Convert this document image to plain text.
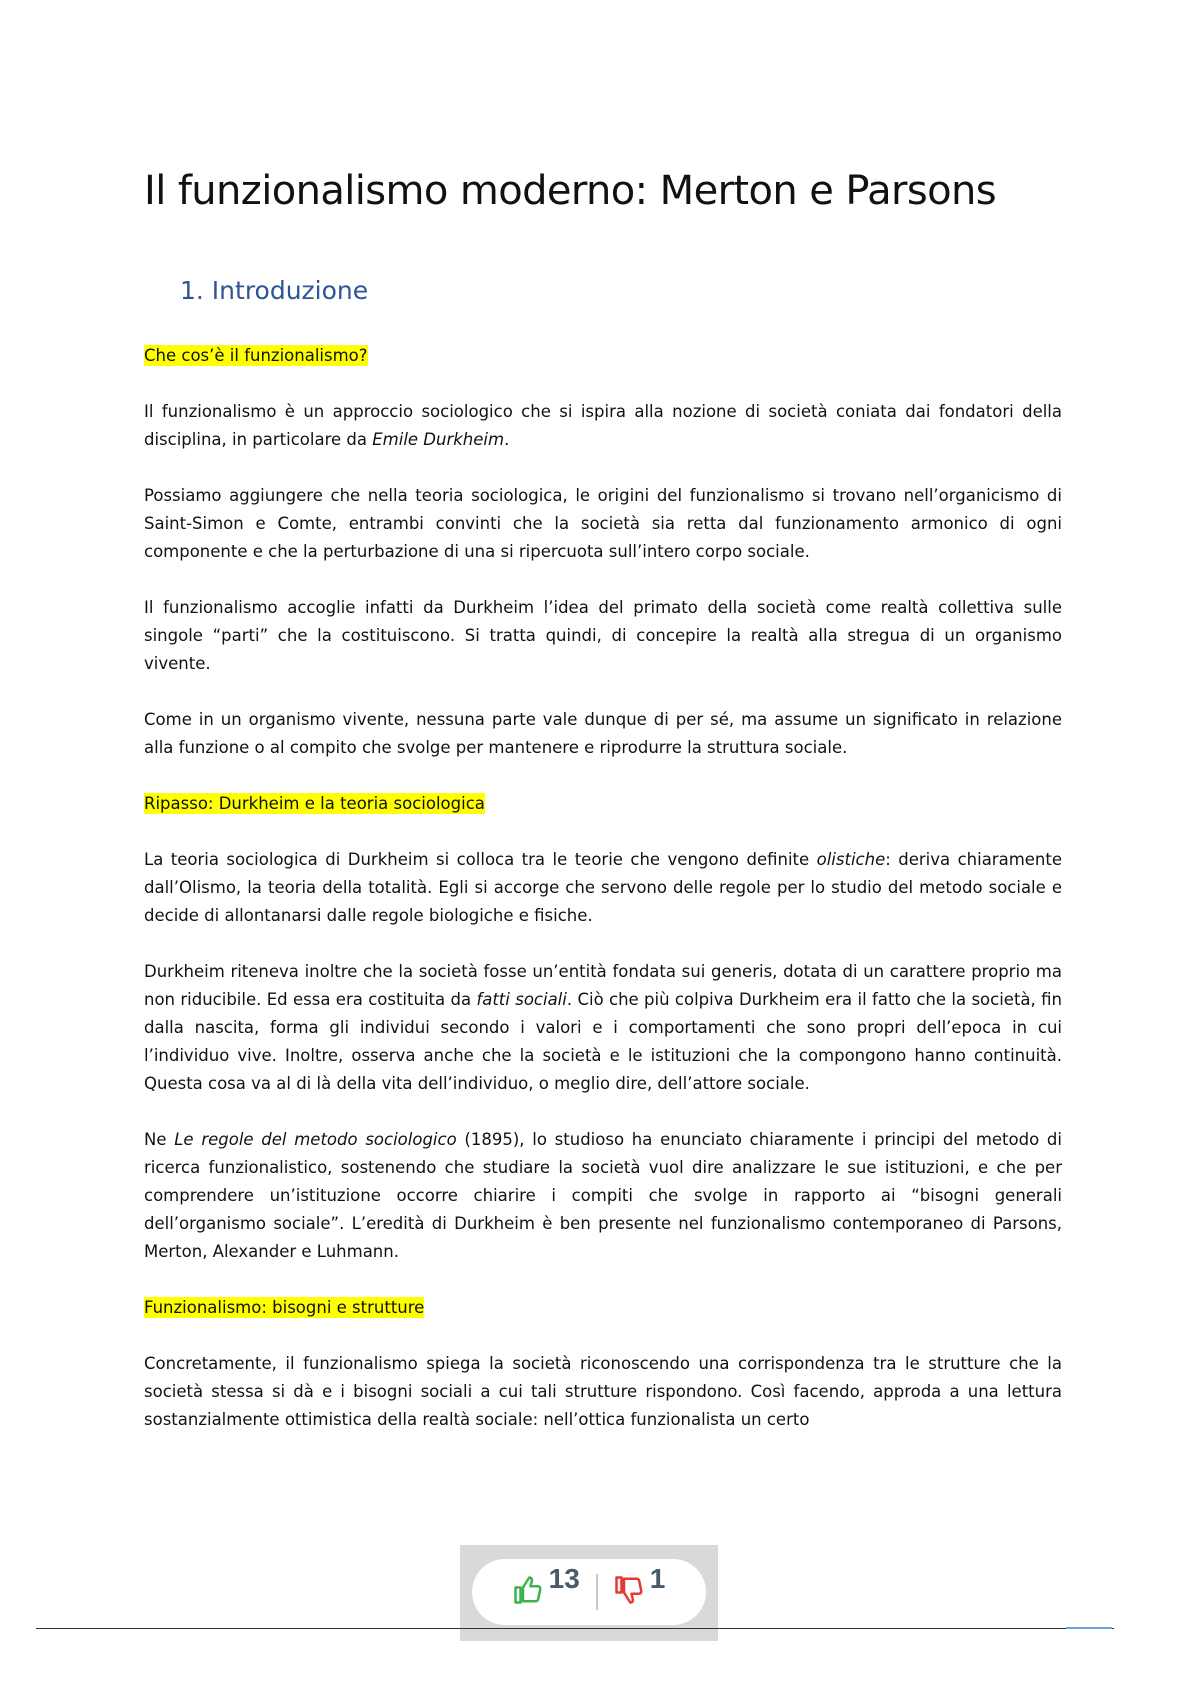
Il funzionalismo moderno: Merton e Parsons
1. Introduzione

Che cos’è il funzionalismo?

Il funzionalismo è un approccio sociologico che si ispira alla nozione di società coniata dai fondatori della disciplina, in particolare da Emile Durkheim.

Possiamo aggiungere che nella teoria sociologica, le origini del funzionalismo si trovano nell’organicismo di Saint-Simon e Comte, entrambi convinti che la società sia retta dal funzionamento armonico di ogni componente e che la perturbazione di una si ripercuota sull’intero corpo sociale.

Il funzionalismo accoglie infatti da Durkheim l’idea del primato della società come realtà collettiva sulle singole “parti” che la costituiscono. Si tratta quindi, di concepire la realtà alla stregua di un organismo vivente.

Come in un organismo vivente, nessuna parte vale dunque di per sé, ma assume un significato in relazione alla funzione o al compito che svolge per mantenere e riprodurre la struttura sociale.

Ripasso: Durkheim e la teoria sociologica

La teoria sociologica di Durkheim si colloca tra le teorie che vengono definite olistiche: deriva chiaramente dall’Olismo, la teoria della totalità. Egli si accorge che servono delle regole per lo studio del metodo sociale e decide di allontanarsi dalle regole biologiche e fisiche.

Durkheim riteneva inoltre che la società fosse un’entità fondata sui generis, dotata di un carattere proprio ma non riducibile. Ed essa era costituita da fatti sociali. Ciò che più colpiva Durkheim era il fatto che la società, fin dalla nascita, forma gli individui secondo i valori e i comportamenti che sono propri dell’epoca in cui l’individuo vive. Inoltre, osserva anche che la società e le istituzioni che la compongono hanno continuità. Questa cosa va al di là della vita dell’individuo, o meglio dire, dell’attore sociale.

Ne Le regole del metodo sociologico (1895), lo studioso ha enunciato chiaramente i principi del metodo di ricerca funzionalistico, sostenendo che studiare la società vuol dire analizzare le sue istituzioni, e che per comprendere un’istituzione occorre chiarire i compiti che svolge in rapporto ai “bisogni generali dell’organismo sociale”. L’eredità di Durkheim è ben presente nel funzionalismo contemporaneo di Parsons, Merton, Alexander e Luhmann.

Funzionalismo: bisogni e strutture

Concretamente, il funzionalismo spiega la società riconoscendo una corrispondenza tra le strutture che la società stessa si dà e i bisogni sociali a cui tali strutture rispondono. Così facendo, approda a una lettura sostanzialmente ottimistica della realtà sociale: nell’ottica funzionalista un certo

13	1
